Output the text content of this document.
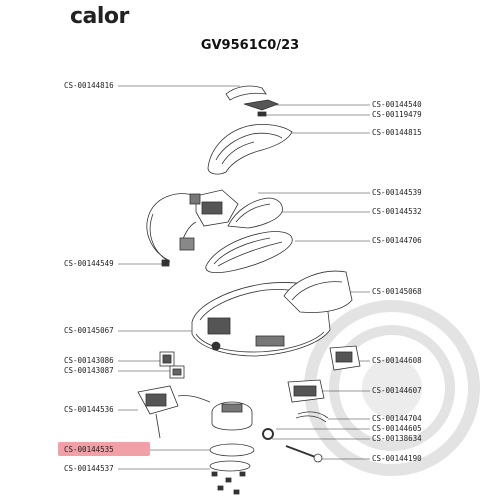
calor
GV9561C0/23
CS-00144816
CS-00144549
CS-00145067
CS-00143086
CS-00143087
CS-00144536
CS-00144535
CS-00144537
CS-00144540
CS-00119479
CS-00144815
CS-00144539
CS-00144532
CS-00144706
CS-00145068
CS-00144608
CS-00144607
CS-00144704
CS-00144605
CS-00138634
CS-00144190
